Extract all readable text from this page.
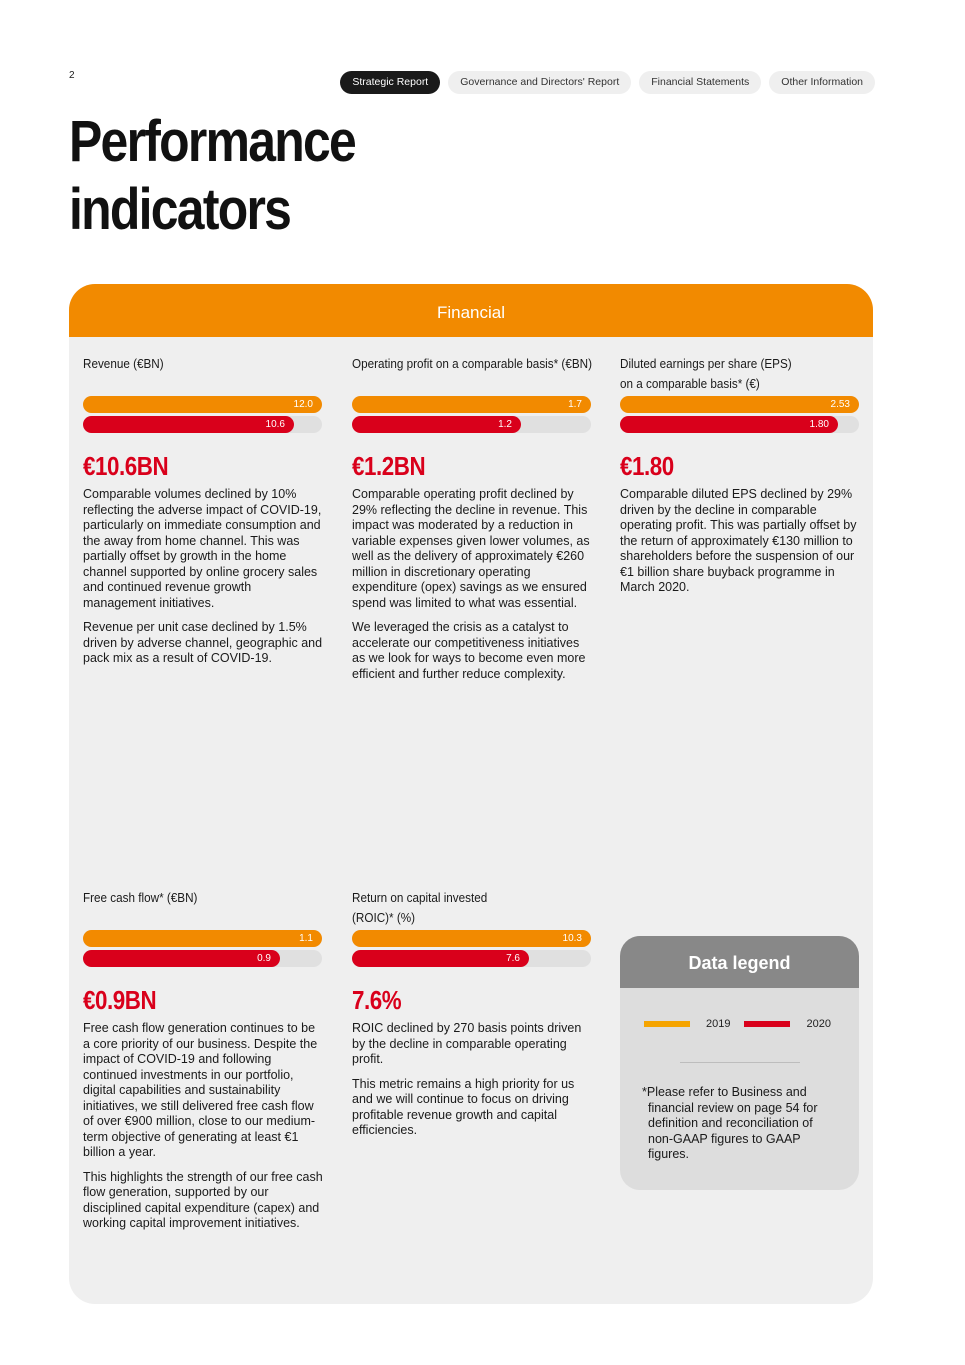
2
Strategic Report	Governance and Directors' Report	Financial Statements	Other Information
Performance indicators
Financial
Revenue (€BN)
12.0
10.6
€10.6BN

Comparable volumes declined by 10% reflecting the adverse impact of COVID-19, particularly on immediate consumption and the away from home channel. This was partially offset by growth in the home channel supported by online grocery sales and continued revenue growth management initiatives.

Revenue per unit case declined by 1.5% driven by adverse channel, geographic and pack mix as a result of COVID-19.

Operating profit on a comparable basis* (€BN)
1.7
1.2
€1.2BN

Comparable operating profit declined by 29% reflecting the decline in revenue. This impact was moderated by a reduction in variable expenses given lower volumes, as well as the delivery of approximately €260 million in discretionary operating expenditure (opex) savings as we ensured spend was limited to what was essential.

We leveraged the crisis as a catalyst to accelerate our competitiveness initiatives as we look for ways to become even more efficient and further reduce complexity.

Diluted earnings per share (EPS)
on a comparable basis* (€)
2.53
1.80
€1.80

Comparable diluted EPS declined by 29% driven by the decline in comparable operating profit. This was partially offset by the return of approximately €130 million to shareholders before the suspension of our €1 billion share buyback programme in March 2020.

Free cash flow* (€BN)
1.1
0.9
€0.9BN

Free cash flow generation continues to be a core priority of our business. Despite the impact of COVID-19 and following continued investments in our portfolio, digital capabilities and sustainability initiatives, we still delivered free cash flow of over €900 million, close to our medium-term objective of generating at least €1 billion a year.

This highlights the strength of our free cash flow generation, supported by our disciplined capital expenditure (capex) and working capital improvement initiatives.

Return on capital invested
(ROIC)* (%)
10.3
7.6
7.6%

ROIC declined by 270 basis points driven by the decline in comparable operating profit.

This metric remains a high priority for us and we will continue to focus on driving profitable revenue growth and capital efficiencies.

Data legend
2019	2020

*Please refer to Business and financial review on page 54 for definition and reconciliation of non-GAAP figures to GAAP figures.
